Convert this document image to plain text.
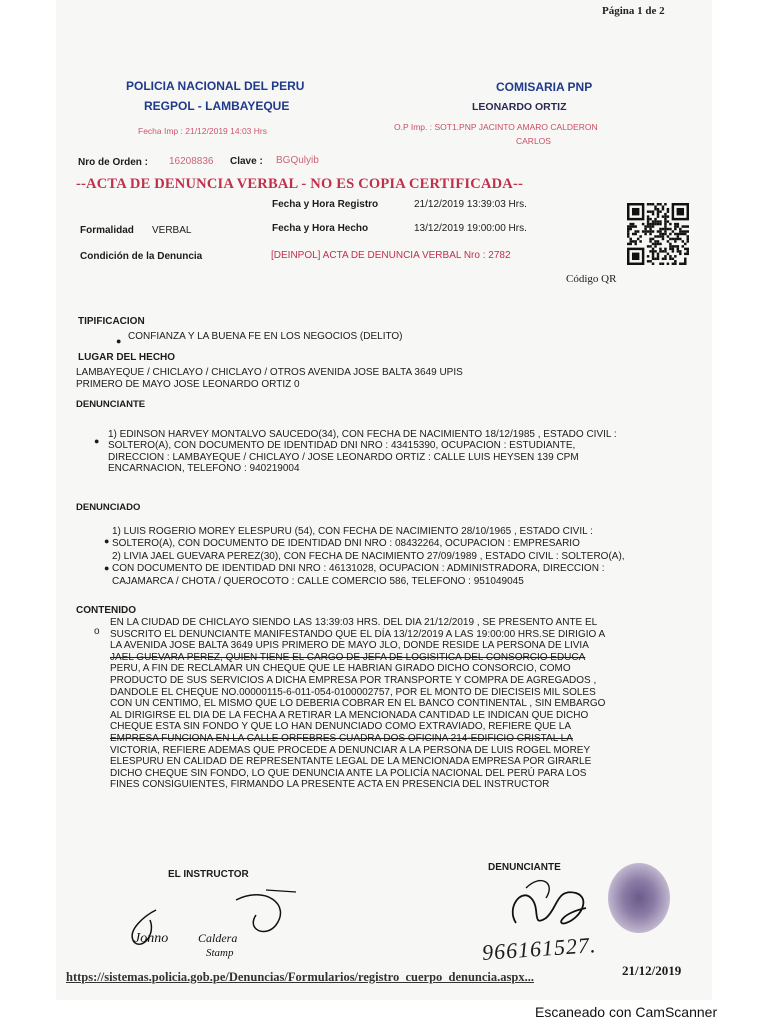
Página 1 de 2
POLICIA NACIONAL DEL PERU
REGPOL - LAMBAYEQUE
Fecha Imp : 21/12/2019 14:03 Hrs
COMISARIA PNP
LEONARDO ORTIZ
O.P Imp. : SOT1.PNP JACINTO AMARO CALDERON
CARLOS
Nro de Orden : 16208836 Clave : BGQulyib
--ACTA DE DENUNCIA VERBAL - NO ES COPIA CERTIFICADA--
Fecha y Hora Registro	21/12/2019 13:39:03 Hrs.
Formalidad VERBAL	Fecha y Hora Hecho	13/12/2019 19:00:00 Hrs.
Condición de la Denuncia	[DEINPOL] ACTA DE DENUNCIA VERBAL Nro : 2782
Código QR
TIPIFICACION
● CONFIANZA Y LA BUENA FE EN LOS NEGOCIOS (DELITO)
LUGAR DEL HECHO
LAMBAYEQUE / CHICLAYO / CHICLAYO / OTROS AVENIDA JOSE BALTA 3649 UPIS
PRIMERO DE MAYO JOSE LEONARDO ORTIZ 0
DENUNCIANTE
●
1) EDINSON HARVEY MONTALVO SAUCEDO(34), CON FECHA DE NACIMIENTO 18/12/1985 , ESTADO CIVIL :
SOLTERO(A), CON DOCUMENTO DE IDENTIDAD DNI NRO : 43415390, OCUPACION : ESTUDIANTE,
DIRECCION : LAMBAYEQUE / CHICLAYO / JOSE LEONARDO ORTIZ : CALLE LUIS HEYSEN 139 CPM
ENCARNACION, TELEFONO : 940219004
DENUNCIADO
●
●
1) LUIS ROGERIO MOREY ELESPURU (54), CON FECHA DE NACIMIENTO 28/10/1965 , ESTADO CIVIL :
SOLTERO(A), CON DOCUMENTO DE IDENTIDAD DNI NRO : 08432264, OCUPACION : EMPRESARIO
2) LIVIA JAEL GUEVARA PEREZ(30), CON FECHA DE NACIMIENTO 27/09/1989 , ESTADO CIVIL : SOLTERO(A),
CON DOCUMENTO DE IDENTIDAD DNI NRO : 46131028, OCUPACION : ADMINISTRADORA, DIRECCION :
CAJAMARCA / CHOTA / QUEROCOTO : CALLE COMERCIO 586, TELEFONO : 951049045
CONTENIDO
o
EN LA CIUDAD DE CHICLAYO SIENDO LAS 13:39:03 HRS. DEL DIA 21/12/2019 , SE PRESENTO ANTE EL
SUSCRITO EL DENUNCIANTE MANIFESTANDO QUE EL DÍA 13/12/2019 A LAS 19:00:00 HRS.SE DIRIGIO A
LA AVENIDA JOSE BALTA 3649 UPIS PRIMERO DE MAYO JLO, DONDE RESIDE LA PERSONA DE LIVIA
JAEL GUEVARA PEREZ, QUIEN TIENE EL CARGO DE JEFA DE LOGISITICA DEL CONSORCIO EDUCA
PERU, A FIN DE RECLAMAR UN CHEQUE QUE LE HABRIAN GIRADO DICHO CONSORCIO, COMO
PRODUCTO DE SUS SERVICIOS A DICHA EMPRESA POR TRANSPORTE Y COMPRA DE AGREGADOS ,
DANDOLE EL CHEQUE NO.00000115-6-011-054-0100002757, POR EL MONTO DE DIECISEIS MIL SOLES
CON UN CENTIMO, EL MISMO QUE LO DEBERIA COBRAR EN EL BANCO CONTINENTAL , SIN EMBARGO
AL DIRIGIRSE EL DIA DE LA FECHA A RETIRAR LA MENCIONADA CANTIDAD LE INDICAN QUE DICHO
CHEQUE ESTA SIN FONDO Y QUE LO HAN DENUNCIADO COMO EXTRAVIADO, REFIERE QUE LA
EMPRESA FUNCIONA EN LA CALLE ORFEBRES CUADRA DOS OFICINA 214-EDIFICIO CRISTAL LA
VICTORIA, REFIERE ADEMAS QUE PROCEDE A DENUNCIAR A LA PERSONA DE LUIS ROGEL MOREY
ELESPURU EN CALIDAD DE REPRESENTANTE LEGAL DE LA MENCIONADA EMPRESA POR GIRARLE
DICHO CHEQUE SIN FONDO, LO QUE DENUNCIA ANTE LA POLICÍA NACIONAL DEL PERÚ PARA LOS
FINES CONSIGUIENTES, FIRMANDO LA PRESENTE ACTA EN PRESENCIA DEL INSTRUCTOR
EL INSTRUCTOR
DENUNCIANTE
Jonno Caldera
Stamp	966161527.
https://sistemas.policia.gob.pe/Denuncias/Formularios/registro_cuerpo_denuncia.aspx...	21/12/2019
Escaneado con CamScanner
